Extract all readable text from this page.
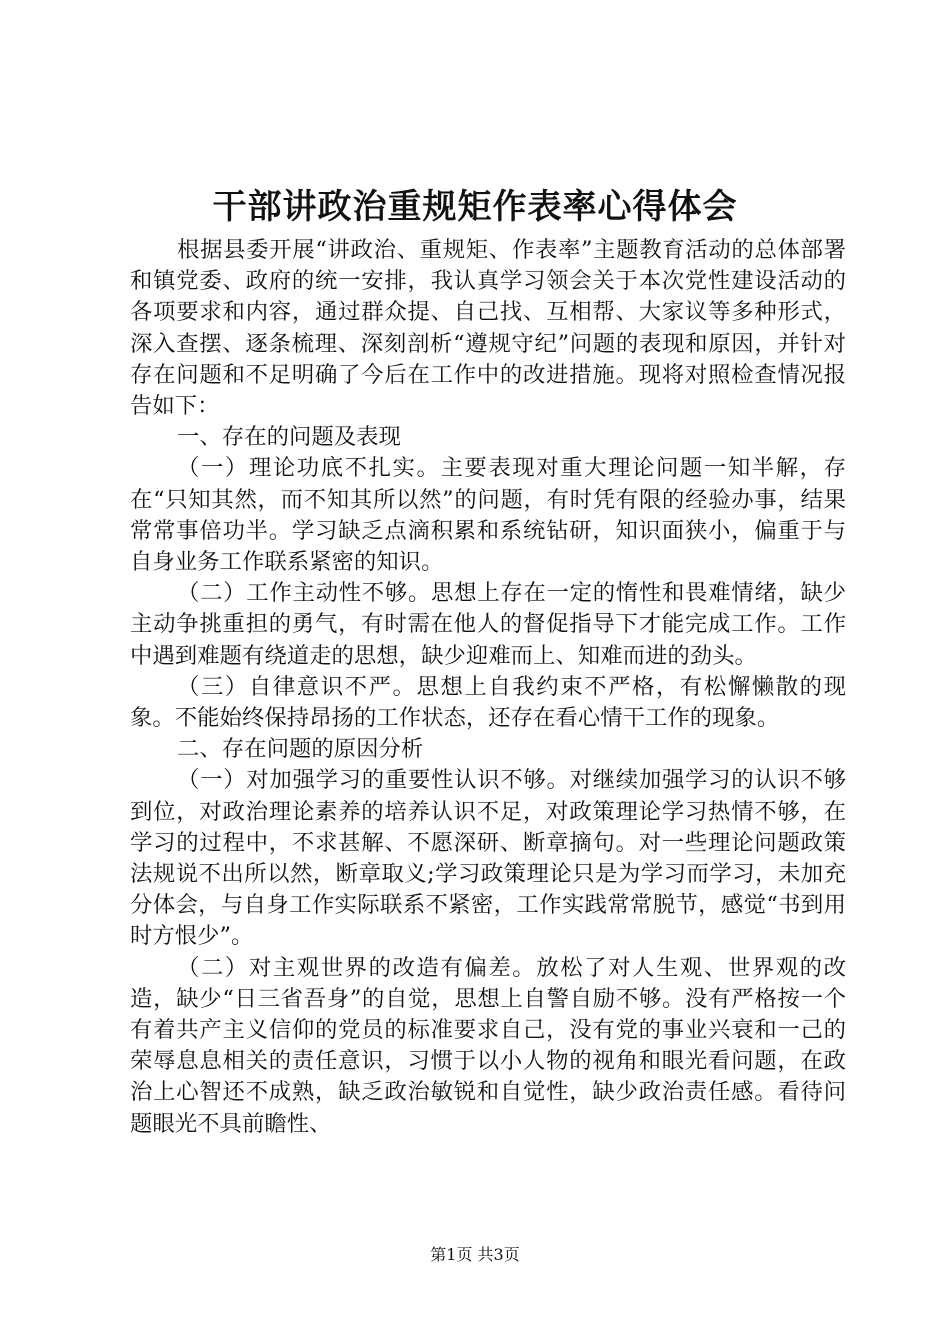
干部讲政治重规矩作表率心得体会

根据县委开展“讲政治、重规矩、作表率”主题教育活动的总体部署和镇党委、政府的统一安排，我认真学习领会关于本次党性建设活动的各项要求和内容，通过群众提、自己找、互相帮、大家议等多种形式，深入查摆、逐条梳理、深刻剖析“遵规守纪”问题的表现和原因，并针对存在问题和不足明确了今后在工作中的改进措施。现将对照检查情况报告如下：

一、存在的问题及表现

（一）理论功底不扎实。主要表现对重大理论问题一知半解，存在“只知其然，而不知其所以然”的问题，有时凭有限的经验办事，结果常常事倍功半。学习缺乏点滴积累和系统钻研，知识面狭小，偏重于与自身业务工作联系紧密的知识。

（二）工作主动性不够。思想上存在一定的惰性和畏难情绪，缺少主动争挑重担的勇气，有时需在他人的督促指导下才能完成工作。工作中遇到难题有绕道走的思想，缺少迎难而上、知难而进的劲头。

（三）自律意识不严。思想上自我约束不严格，有松懈懒散的现象。不能始终保持昂扬的工作状态，还存在看心情干工作的现象。

二、存在问题的原因分析

（一）对加强学习的重要性认识不够。对继续加强学习的认识不够到位，对政治理论素养的培养认识不足，对政策理论学习热情不够，在学习的过程中，不求甚解、不愿深研、断章摘句。对一些理论问题政策法规说不出所以然，断章取义;学习政策理论只是为学习而学习，未加充分体会，与自身工作实际联系不紧密，工作实践常常脱节，感觉“书到用时方恨少”。

（二）对主观世界的改造有偏差。放松了对人生观、世界观的改造，缺少“日三省吾身”的自觉，思想上自警自励不够。没有严格按一个有着共产主义信仰的党员的标准要求自己，没有党的事业兴衰和一己的荣辱息息相关的责任意识，习惯于以小人物的视角和眼光看问题，在政治上心智还不成熟，缺乏政治敏锐和自觉性，缺少政治责任感。看待问题眼光不具前瞻性、

第1页 共3页
